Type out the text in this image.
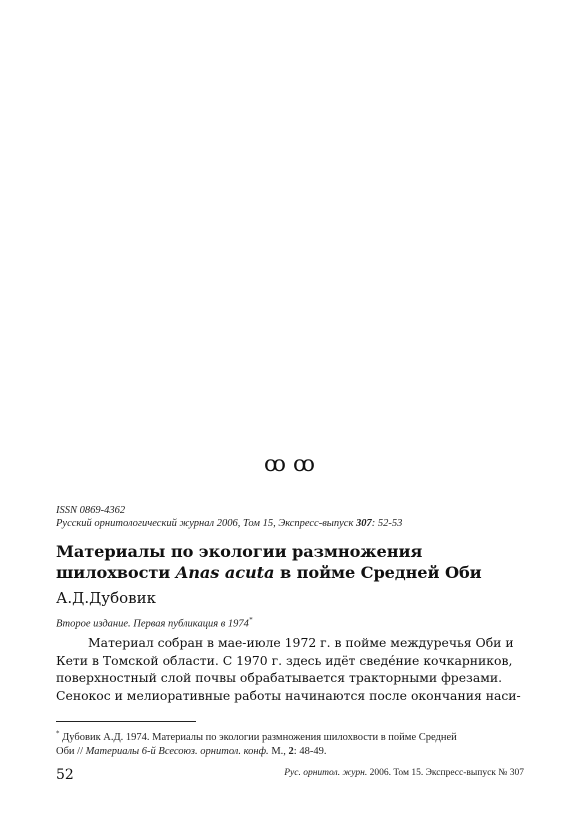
ꝏ ꝏ
ISSN 0869-4362
Русский орнитологический журнал 2006, Том 15, Экспресс-выпуск 307: 52-53
Материалы по экологии размножения
шилохвости Anas acuta в пойме Средней Оби
А.Д.Дубовик
Второе издание. Первая публикация в 1974*
Материал собран в мае-июле 1972 г. в пойме междуречья Оби и
Кети в Томской области. С 1970 г. здесь идёт сведéние кочкарников,
поверхностный слой почвы обрабатывается тракторными фрезами.
Сенокос и мелиоративные работы начинаются после окончания наси-
* Дубовик А.Д. 1974. Материалы по экологии размножения шилохвости в пойме Средней
Оби // Материалы 6-й Всесоюз. орнитол. конф. М., 2: 48-49.
52	Рус. орнитол. журн. 2006. Том 15. Экспресс-выпуск № 307
